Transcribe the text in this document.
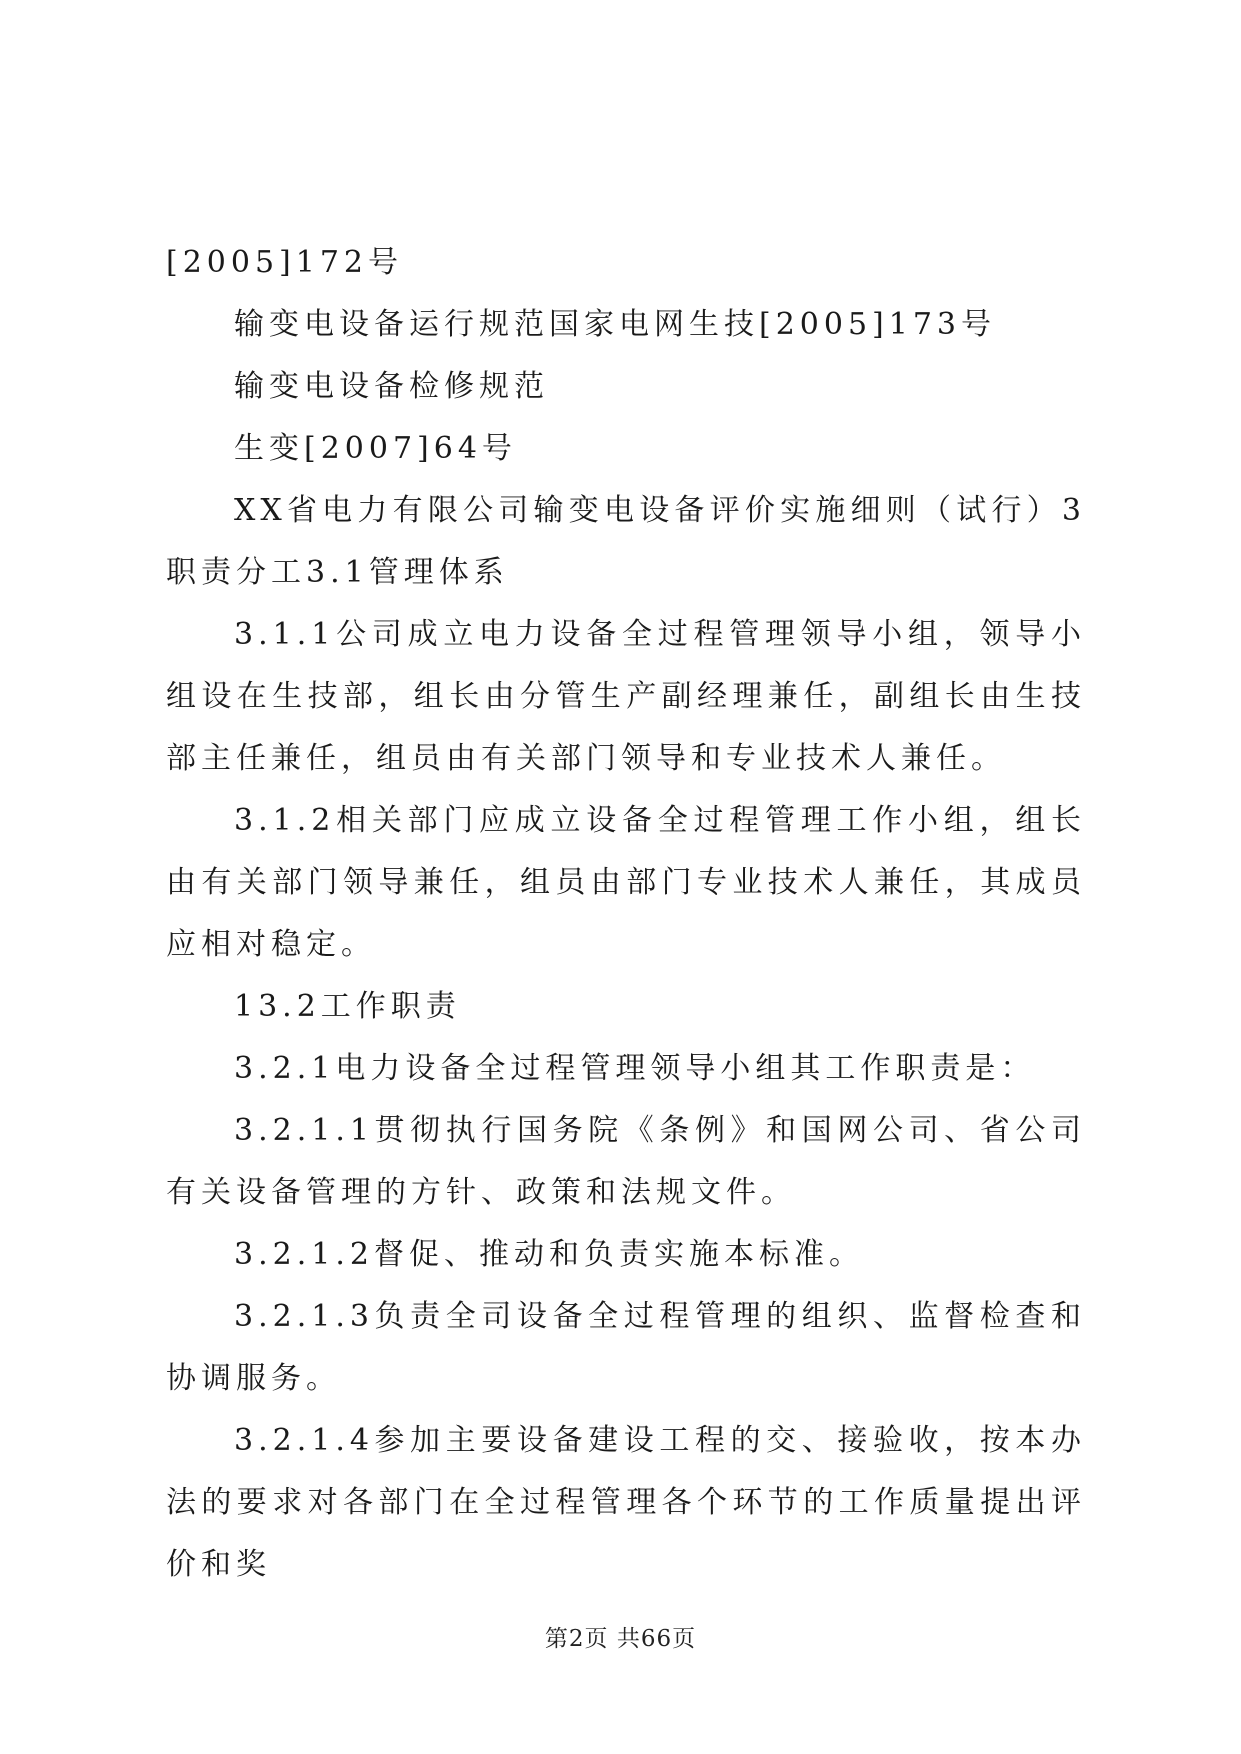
[2005]172号

输变电设备运行规范国家电网生技[2005]173号

输变电设备检修规范

生变[2007]64号

XX省电力有限公司输变电设备评价实施细则（试行）3职责分工3.1管理体系

3.1.1公司成立电力设备全过程管理领导小组，领导小组设在生技部，组长由分管生产副经理兼任，副组长由生技部主任兼任，组员由有关部门领导和专业技术人兼任。

3.1.2相关部门应成立设备全过程管理工作小组，组长由有关部门领导兼任，组员由部门专业技术人兼任，其成员应相对稳定。

13.2工作职责

3.2.1电力设备全过程管理领导小组其工作职责是：

3.2.1.1贯彻执行国务院《条例》和国网公司、省公司有关设备管理的方针、政策和法规文件。

3.2.1.2督促、推动和负责实施本标准。

3.2.1.3负责全司设备全过程管理的组织、监督检查和协调服务。

3.2.1.4参加主要设备建设工程的交、接验收，按本办法的要求对各部门在全过程管理各个环节的工作质量提出评价和奖

第2页 共66页
